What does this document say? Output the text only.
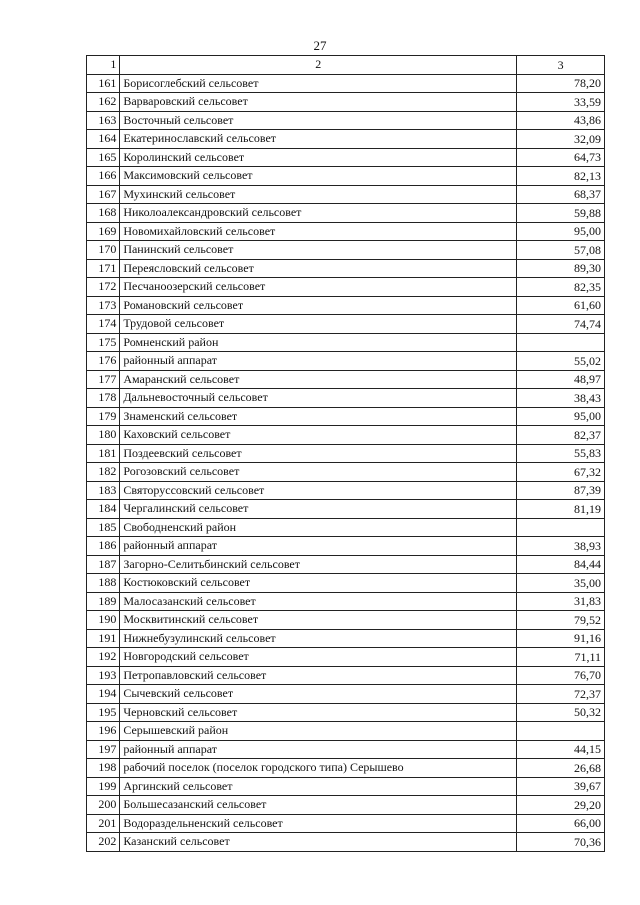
27
1	2	3
161	Борисоглебский сельсовет	78,20
162	Варваровский сельсовет	33,59
163	Восточный сельсовет	43,86
164	Екатеринославский сельсовет	32,09
165	Королинский сельсовет	64,73
166	Максимовский сельсовет	82,13
167	Мухинский сельсовет	68,37
168	Николоалександровский сельсовет	59,88
169	Новомихайловский сельсовет	95,00
170	Панинский сельсовет	57,08
171	Переясловский сельсовет	89,30
172	Песчаноозерский сельсовет	82,35
173	Романовский сельсовет	61,60
174	Трудовой сельсовет	74,74
175	Ромненский район	
176	районный аппарат	55,02
177	Амаранский сельсовет	48,97
178	Дальневосточный сельсовет	38,43
179	Знаменский сельсовет	95,00
180	Каховский сельсовет	82,37
181	Поздеевский сельсовет	55,83
182	Рогозовский сельсовет	67,32
183	Святоруссовский сельсовет	87,39
184	Чергалинский сельсовет	81,19
185	Свободненский район	
186	районный аппарат	38,93
187	Загорно-Селитьбинский сельсовет	84,44
188	Костюковский сельсовет	35,00
189	Малосазанский сельсовет	31,83
190	Москвитинский сельсовет	79,52
191	Нижнебузулинский сельсовет	91,16
192	Новгородский сельсовет	71,11
193	Петропавловский сельсовет	76,70
194	Сычевский сельсовет	72,37
195	Черновский сельсовет	50,32
196	Серышевский район	
197	районный аппарат	44,15
198	рабочий поселок (поселок городского типа) Серышево	26,68
199	Аргинский сельсовет	39,67
200	Большесазанский сельсовет	29,20
201	Водораздельненский сельсовет	66,00
202	Казанский сельсовет	70,36
